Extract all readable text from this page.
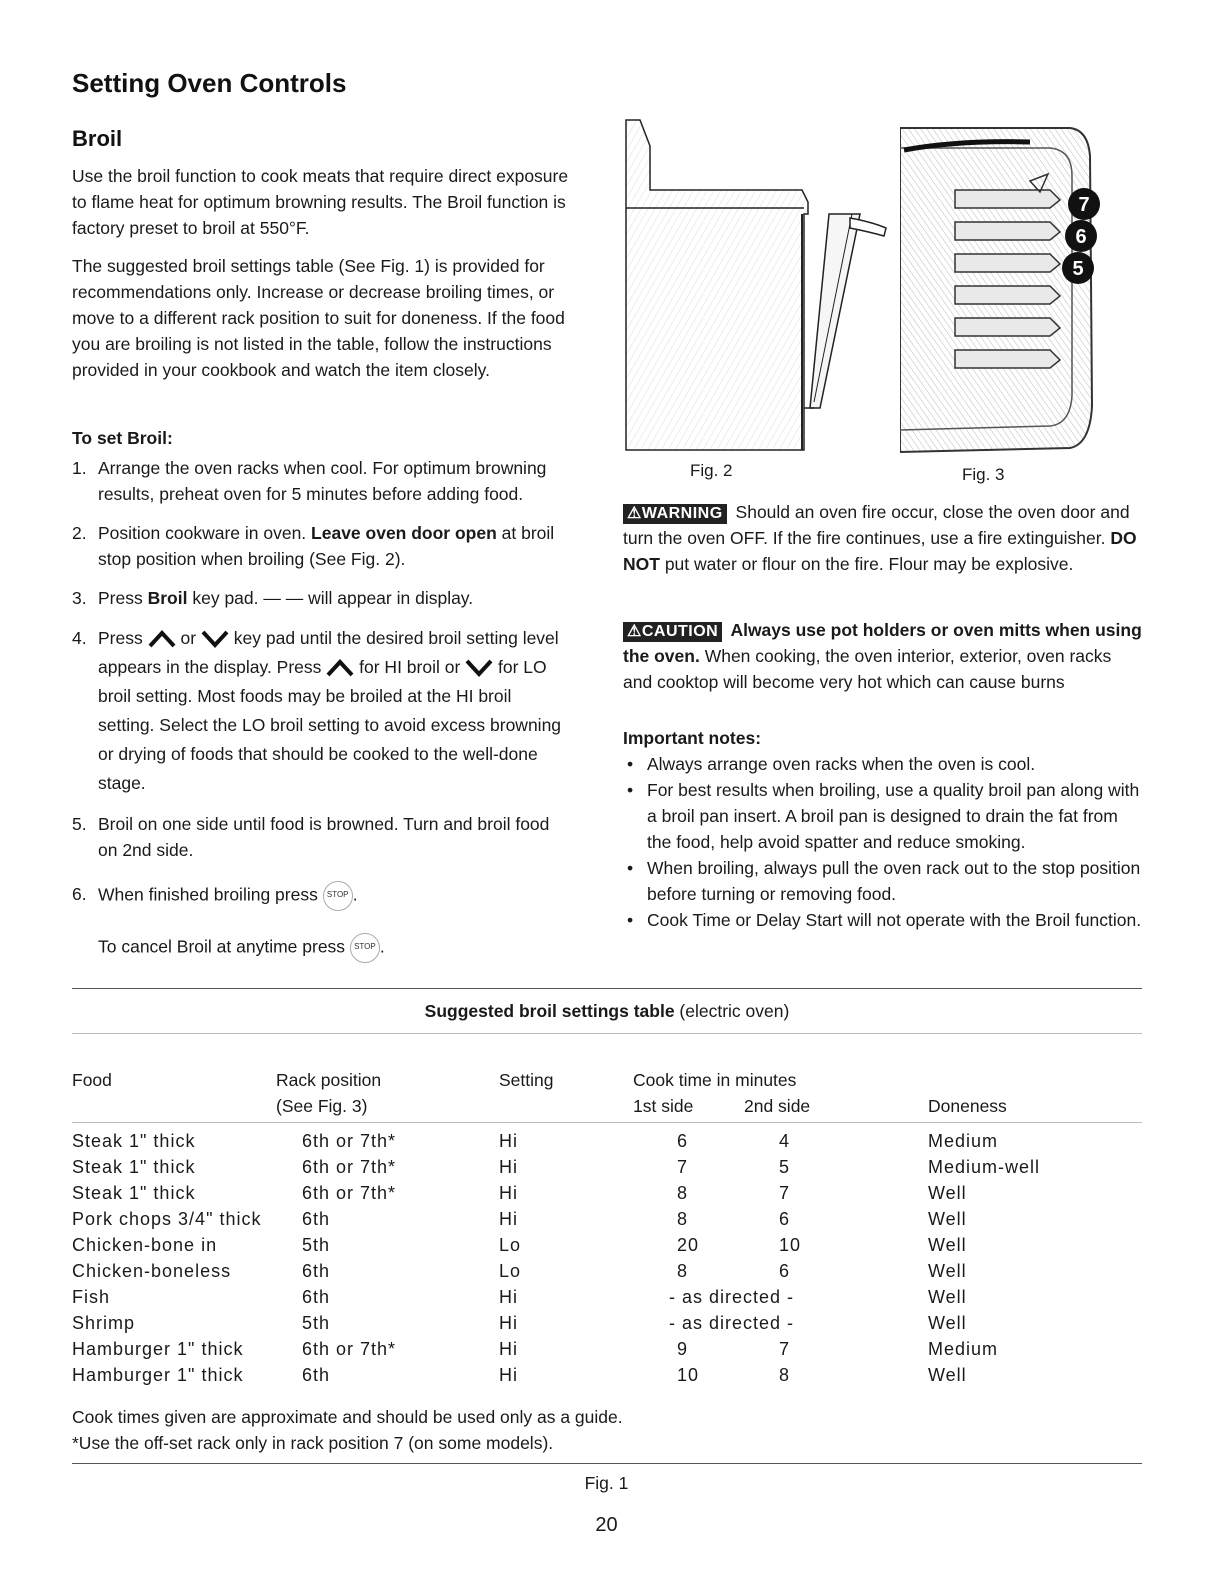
Setting Oven Controls
Broil
Use the broil function to cook meats that require direct exposure to flame heat for optimum browning results. The Broil function is factory preset to broil at 550°F.
The suggested broil settings table (See Fig. 1) is provided for recommendations only. Increase or decrease broiling times, or move to a different rack position to suit for doneness. If the food you are broiling is not listed in the table, follow the instructions provided in your cookbook and watch the item closely.
To set Broil:
1. Arrange the oven racks when cool. For optimum browning results, preheat oven for 5 minutes before adding food.
2. Position cookware in oven. Leave oven door open at broil stop position when broiling (See Fig. 2).
3. Press Broil key pad. — — will appear in display.
4. Press  or  key pad until the desired broil setting level appears in the display. Press  for HI broil or  for LO broil setting. Most foods may be broiled at the HI broil setting. Select the LO broil setting to avoid excess browning or drying of foods that should be cooked to the well-done stage.
5. Broil on one side until food is browned. Turn and broil food on 2nd side.
6. When finished broiling press STOP .
To cancel Broil at anytime press STOP .
7
6
5
Fig. 2	Fig. 3
⚠WARNING Should an oven fire occur, close the oven door and turn the oven OFF. If the fire continues, use a fire extinguisher. DO NOT put water or flour on the fire. Flour may be explosive.
⚠CAUTION Always use pot holders or oven mitts when using the oven. When cooking, the oven interior, exterior, oven racks and cooktop will become very hot which can cause burns
Important notes:
• Always arrange oven racks when the oven is cool.
• For best results when broiling, use a quality broil pan along with a broil pan insert. A broil pan is designed to drain the fat from the food, help avoid spatter and reduce smoking.
• When broiling, always pull the oven rack out to the stop position before turning or removing food.
• Cook Time or Delay Start will not operate with the Broil function.
Suggested broil settings table (electric oven)
Food	Rack position
(See Fig. 3)
Setting	Cook time in minutes
1st side	2nd side	Doneness
Steak 1" thick	6th or 7th*	Hi	6	4	Medium
Steak 1" thick	6th or 7th*	Hi	7	5	Medium-well
Steak 1" thick	6th or 7th*	Hi	8	7	Well
Pork chops 3/4" thick	6th	Hi	8	6	Well
Chicken-bone in	5th	Lo	20	10	Well
Chicken-boneless	6th	Lo	8	6	Well
Fish	6th	Hi	- as directed -		Well
Shrimp	5th	Hi	- as directed -		Well
Hamburger 1" thick	6th or 7th*	Hi	9	7	Medium
Hamburger 1" thick	6th	Hi	10	8	Well
Cook times given are approximate and should be used only as a guide.
*Use the off-set rack only in rack position 7 (on some models).
Fig. 1
20
